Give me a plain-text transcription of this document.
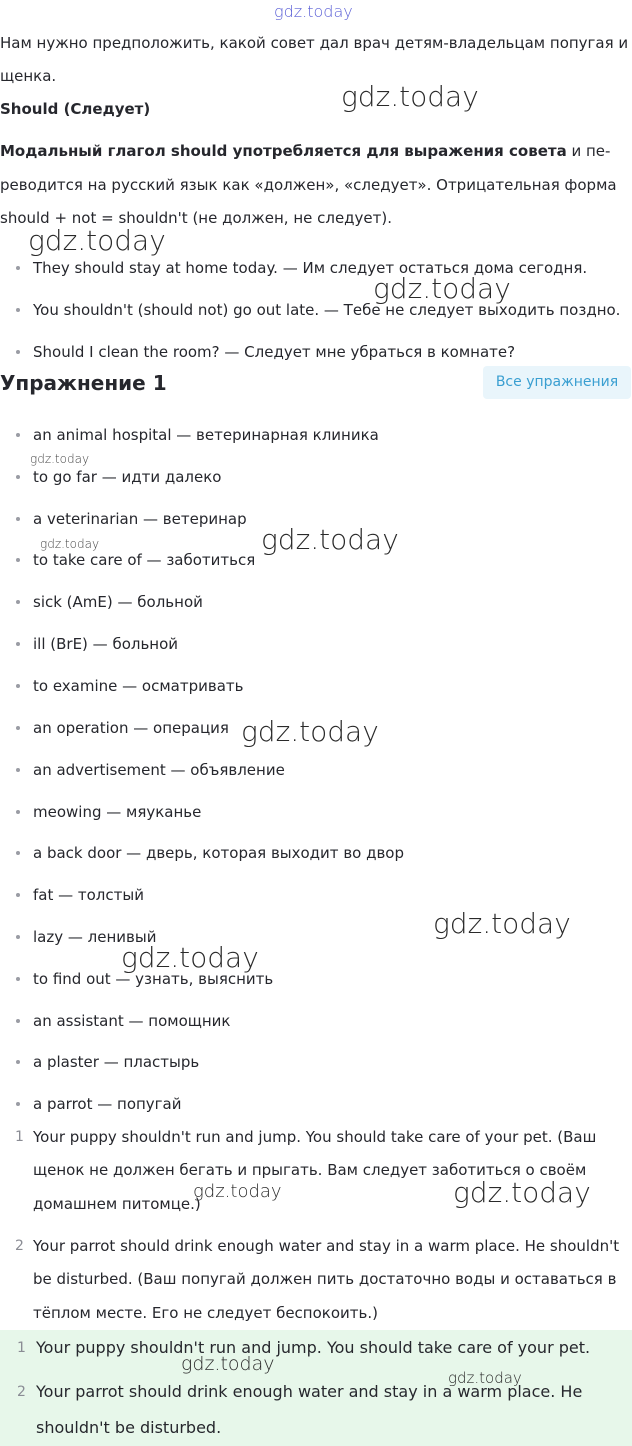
gdz.today
Нам нужно предположить, какой совет дал врач детям-владельцам попугая и
щенка.
Should (Следует)
Модальный глагол should употребляется для выражения совета и пе-
реводится на русский язык как «должен», «следует». Отрицательная форма
should + not = shouldn't (не должен, не следует).
They should stay at home today. — Им следует остаться дома сегодня.
You shouldn't (should not) go out late. — Тебе не следует выходить поздно.
Should I clean the room? — Следует мне убраться в комнате?
Упражнение 1	Все упражнения
an animal hospital — ветеринарная клиника
to go far — идти далеко
a veterinarian — ветеринар
to take care of — заботиться
sick (AmE) — больной
ill (BrE) — больной
to examine — осматривать
an operation — операция
an advertisement — объявление
meowing — мяуканье
a back door — дверь, которая выходит во двор
fat — толстый
lazy — ленивый
to find out — узнать, выяснить
an assistant — помощник
a plaster — пластырь
a parrot — попугай
1 Your puppy shouldn't run and jump. You should take care of your pet. (Ваш
щенок не должен бегать и прыгать. Вам следует заботиться о своём
домашнем питомце.)
2 Your parrot should drink enough water and stay in a warm place. He shouldn't
be disturbed. (Ваш попугай должен пить достаточно воды и оставаться в
тёплом месте. Его не следует беспокоить.)
1 Your puppy shouldn't run and jump. You should take care of your pet.
2 Your parrot should drink enough water and stay in a warm place. He
shouldn't be disturbed.
gdz.today
gdz.today
gdz.today
gdz.today
gdz.today	gdz.today
gdz.today
gdz.today
gdz.today
gdz.today	gdz.today
gdz.today
gdz.today
